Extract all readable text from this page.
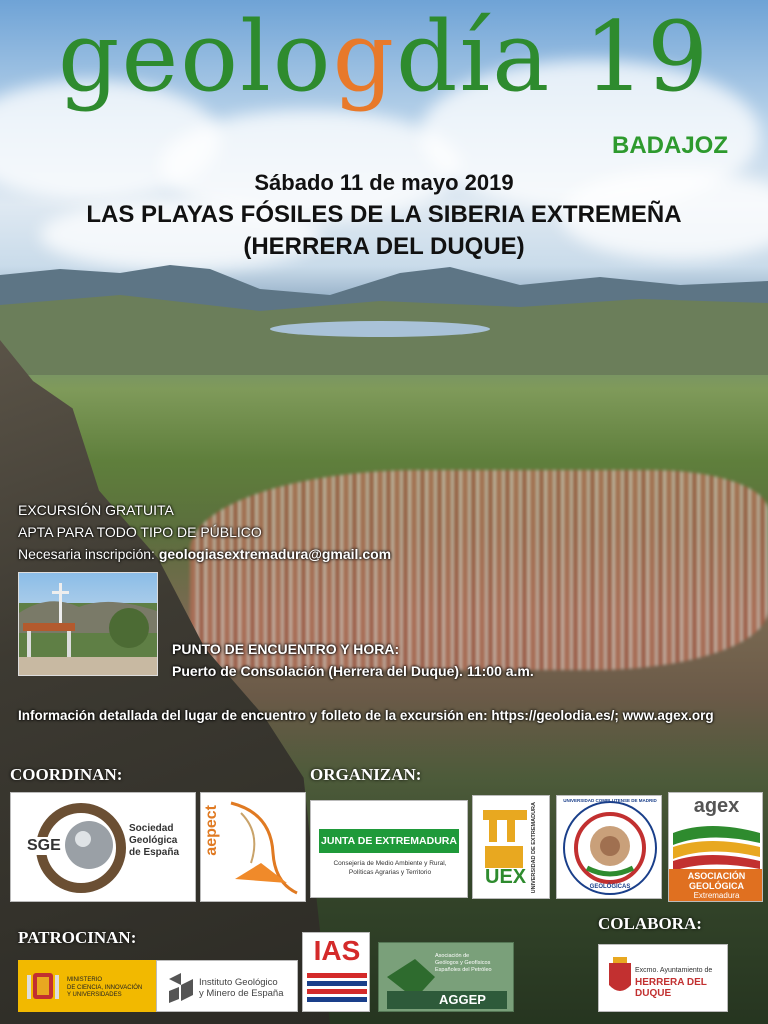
geologdía 19
BADAJOZ
Sábado 11 de mayo 2019
LAS PLAYAS FÓSILES DE LA SIBERIA EXTREMEÑA
(HERRERA DEL DUQUE)
EXCURSIÓN GRATUITA
APTA PARA TODO TIPO DE PÚBLICO
Necesaria inscripción: geologiasextremadura@gmail.com
PUNTO DE ENCUENTRO Y HORA:
Puerto de Consolación (Herrera del Duque). 11:00 a.m.
Información detallada del lugar de encuentro y folleto de la excursión en: https://geolodia.es/; www.agex.org
COORDINAN:	ORGANIZAN:
PATROCINAN:
COLABORA:
SGE
Sociedad
Geológica
de España aepect	JUNTA DE EXTREMADURA
Consejería de Medio Ambiente y Rural,
Políticas Agrarias y Territorio	UEX UNIVERSIDAD DE EXTREMADURA
UNIVERSIDAD COMPLUTENSE DE MADRID
GEOLÓGICAS
agex
ASOCIACIÓN
GEOLÓGICA
Extremadura
MINISTERIO
DE CIENCIA, INNOVACIÓN
Y UNIVERSIDADES
Instituto Geológico
y Minero de España
IAS	Asociación de
Geólogos y Geofísicos
Españoles del Petróleo
AGGEP
Excmo. Ayuntamiento de
HERRERA DEL DUQUE
